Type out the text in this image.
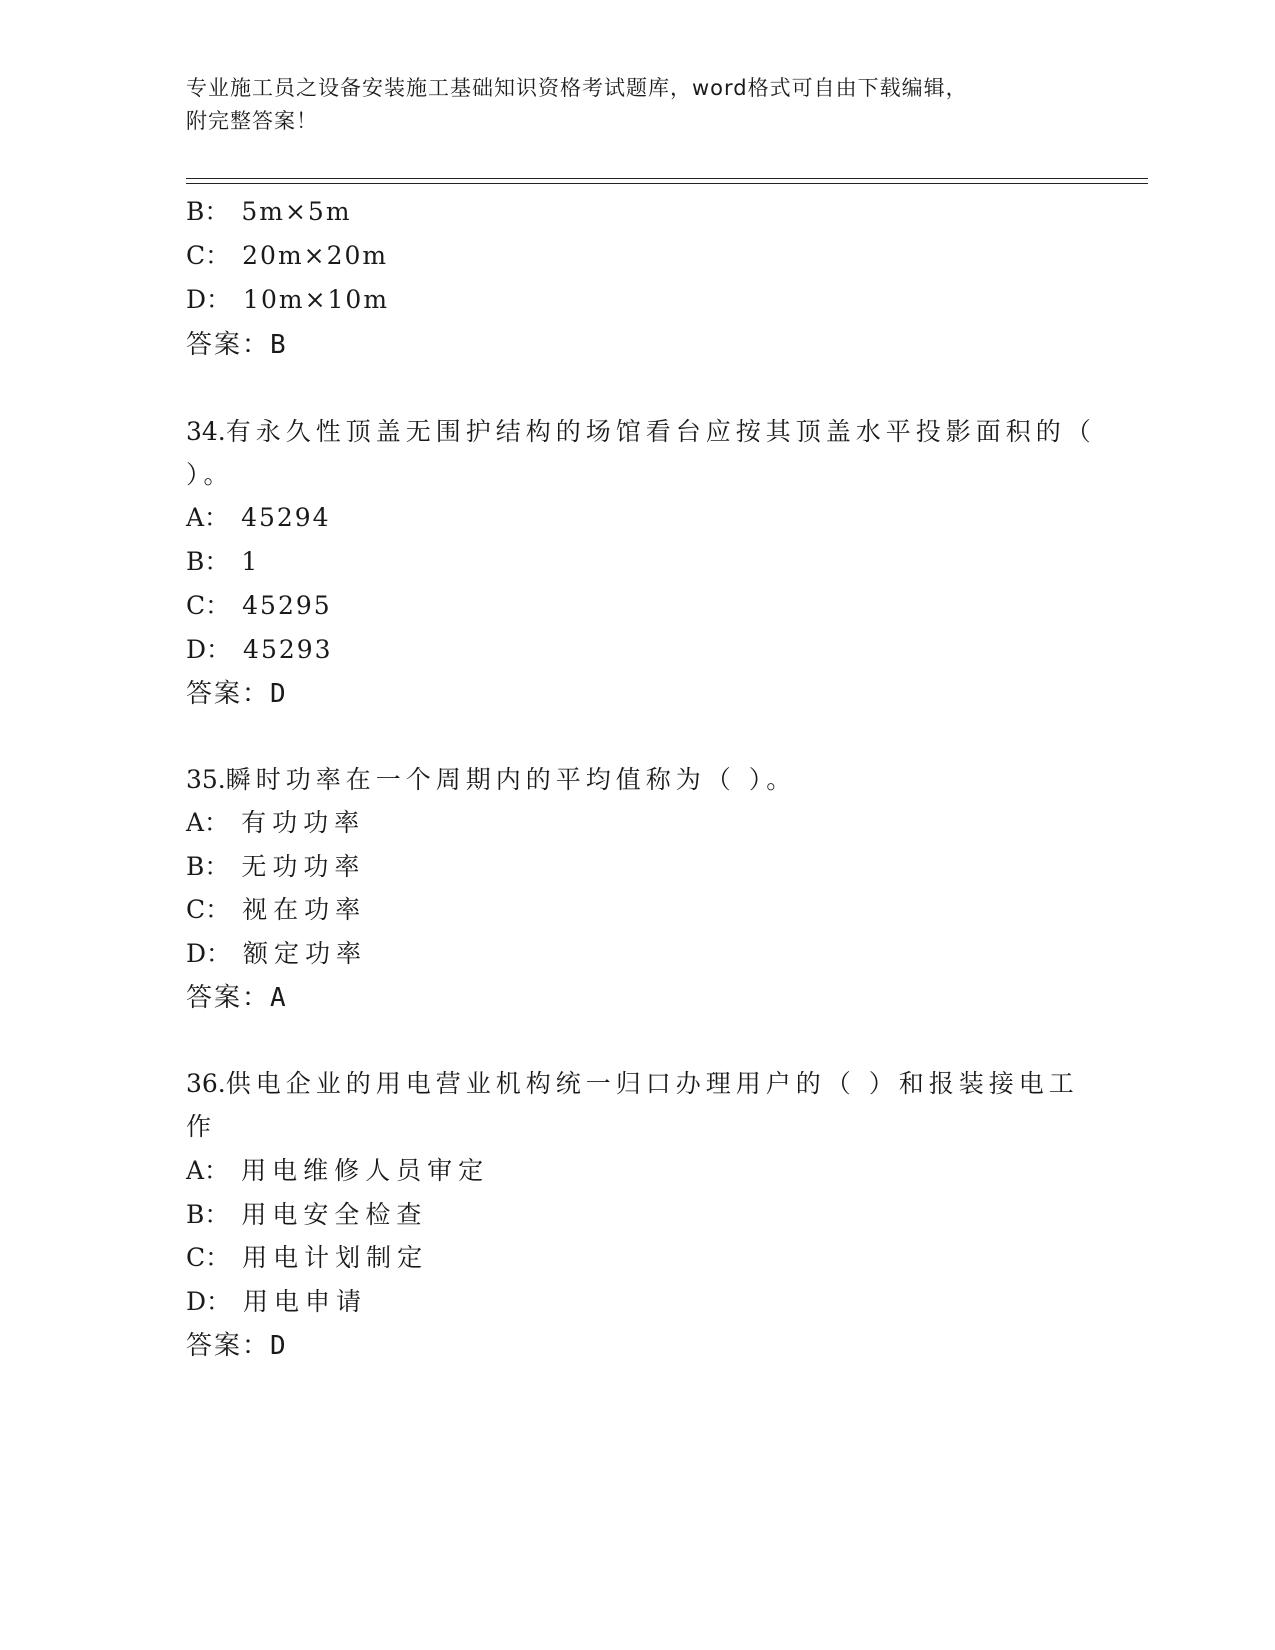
专业施工员之设备安装施工基础知识资格考试题库，word格式可自由下载编辑，
附完整答案！
B： 5m×5m
C： 20m×20m
D： 10m×10m
答案：B
34.有永久性顶盖无围护结构的场馆看台应按其顶盖水平投影面积的（
）。
A： 45294
B： 1
C： 45295
D： 45293
答案：D
35.瞬时功率在一个周期内的平均值称为（ ）。
A： 有功功率
B： 无功功率
C： 视在功率
D： 额定功率
答案：A
36.供电企业的用电营业机构统一归口办理用户的（ ）和报装接电工
作
A： 用电维修人员审定
B： 用电安全检查
C： 用电计划制定
D： 用电申请
答案：D
